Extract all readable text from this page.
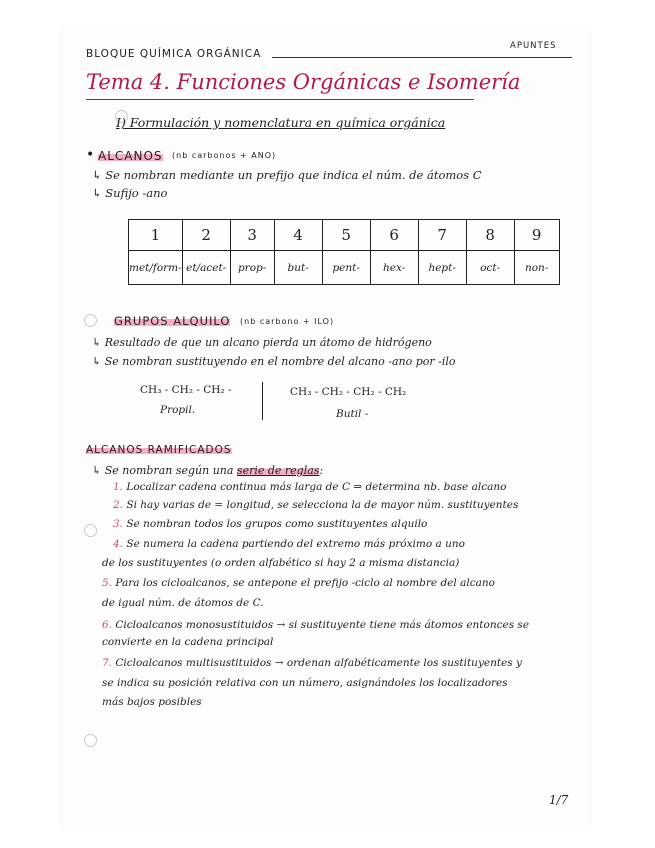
BLOQUE QUÍMICA ORGÁNICA
APUNTES
Tema 4. Funciones Orgánicas e Isomería
I) Formulación y nomenclatura en química orgánica
• ALCANOS (nb carbonos + ANO)
↳ Se nombran mediante un prefijo que indica el núm. de átomos C
↳ Sufijo -ano
1	2	3	4	5	6	7	8	9
met/form-	et/acet-	prop-	but-	pent-	hex-	hept-	oct-	non-
GRUPOS ALQUILO (nb carbono + ILO)
↳ Resultado de que un alcano pierda un átomo de hidrógeno
↳ Se nombran sustituyendo en el nombre del alcano -ano por -ilo
CH₃ - CH₂ - CH₂ -
Propil.
CH₃ - CH₂ - CH₂ - CH₂
Butil -
ALCANOS RAMIFICADOS
↳ Se nombran según una serie de reglas:
1. Localizar cadena continua más larga de C ⇒ determina nb. base alcano
2. Si hay varias de = longitud, se selecciona la de mayor núm. sustituyentes
3. Se nombran todos los grupos como sustituyentes alquilo
4. Se numera la cadena partiendo del extremo más próximo a uno
de los sustituyentes (o orden alfabético si hay 2 a misma distancia)
5. Para los cicloalcanos, se antepone el prefijo -ciclo al nombre del alcano
de igual núm. de átomos de C.
6. Cicloalcanos monosustituidos → si sustituyente tiene más átomos entonces se
convierte en la cadena principal
7. Cicloalcanos multisustituidos → ordenan alfabéticamente los sustituyentes y
se indica su posición relativa con un número, asignándoles los localizadores
más bajos posibles
1/7
